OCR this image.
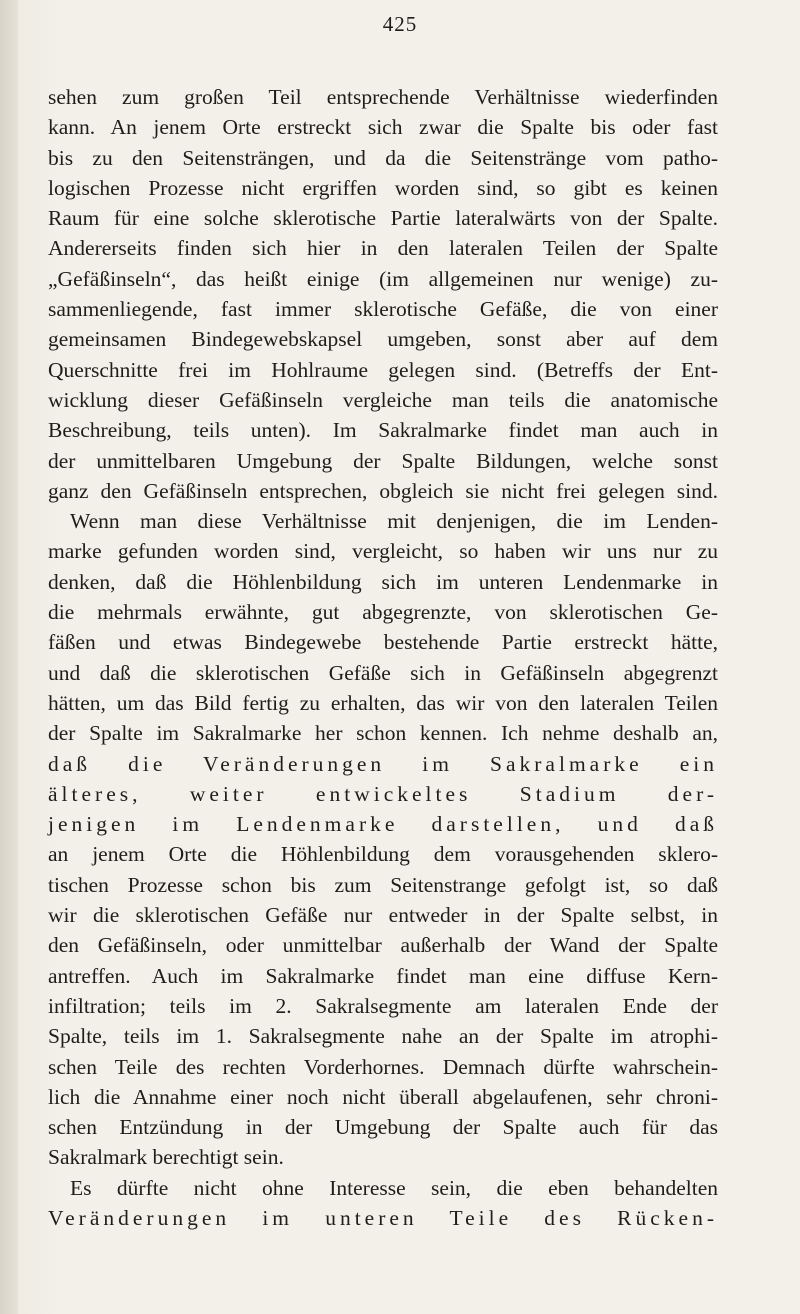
425
sehen zum großen Teil entsprechende Verhältnisse wiederfinden
kann. An jenem Orte erstreckt sich zwar die Spalte bis oder fast
bis zu den Seitensträngen, und da die Seitenstränge vom patho-
logischen Prozesse nicht ergriffen worden sind, so gibt es keinen
Raum für eine solche sklerotische Partie lateralwärts von der Spalte.
Andererseits finden sich hier in den lateralen Teilen der Spalte
„Gefäßinseln“, das heißt einige (im allgemeinen nur wenige) zu-
sammenliegende, fast immer sklerotische Gefäße, die von einer
gemeinsamen Bindegewebskapsel umgeben, sonst aber auf dem
Querschnitte frei im Hohlraume gelegen sind. (Betreffs der Ent-
wicklung dieser Gefäßinseln vergleiche man teils die anatomische
Beschreibung, teils unten). Im Sakralmarke findet man auch in
der unmittelbaren Umgebung der Spalte Bildungen, welche sonst
ganz den Gefäßinseln entsprechen, obgleich sie nicht frei gelegen sind.
Wenn man diese Verhältnisse mit denjenigen, die im Lenden-
marke gefunden worden sind, vergleicht, so haben wir uns nur zu
denken, daß die Höhlenbildung sich im unteren Lendenmarke in
die mehrmals erwähnte, gut abgegrenzte, von sklerotischen Ge-
fäßen und etwas Bindegewebe bestehende Partie erstreckt hätte,
und daß die sklerotischen Gefäße sich in Gefäßinseln abgegrenzt
hätten, um das Bild fertig zu erhalten, das wir von den lateralen Teilen
der Spalte im Sakralmarke her schon kennen. Ich nehme deshalb an,
daß die Veränderungen im Sakralmarke ein
älteres, weiter entwickeltes Stadium der-
jenigen im Lendenmarke darstellen, und daß
an jenem Orte die Höhlenbildung dem vorausgehenden sklero-
tischen Prozesse schon bis zum Seitenstrange gefolgt ist, so daß
wir die sklerotischen Gefäße nur entweder in der Spalte selbst, in
den Gefäßinseln, oder unmittelbar außerhalb der Wand der Spalte
antreffen. Auch im Sakralmarke findet man eine diffuse Kern-
infiltration; teils im 2. Sakralsegmente am lateralen Ende der
Spalte, teils im 1. Sakralsegmente nahe an der Spalte im atrophi-
schen Teile des rechten Vorderhornes. Demnach dürfte wahrschein-
lich die Annahme einer noch nicht überall abgelaufenen, sehr chroni-
schen Entzündung in der Umgebung der Spalte auch für das
Sakralmark berechtigt sein.
Es dürfte nicht ohne Interesse sein, die eben behandelten
Veränderungen im unteren Teile des Rücken-
